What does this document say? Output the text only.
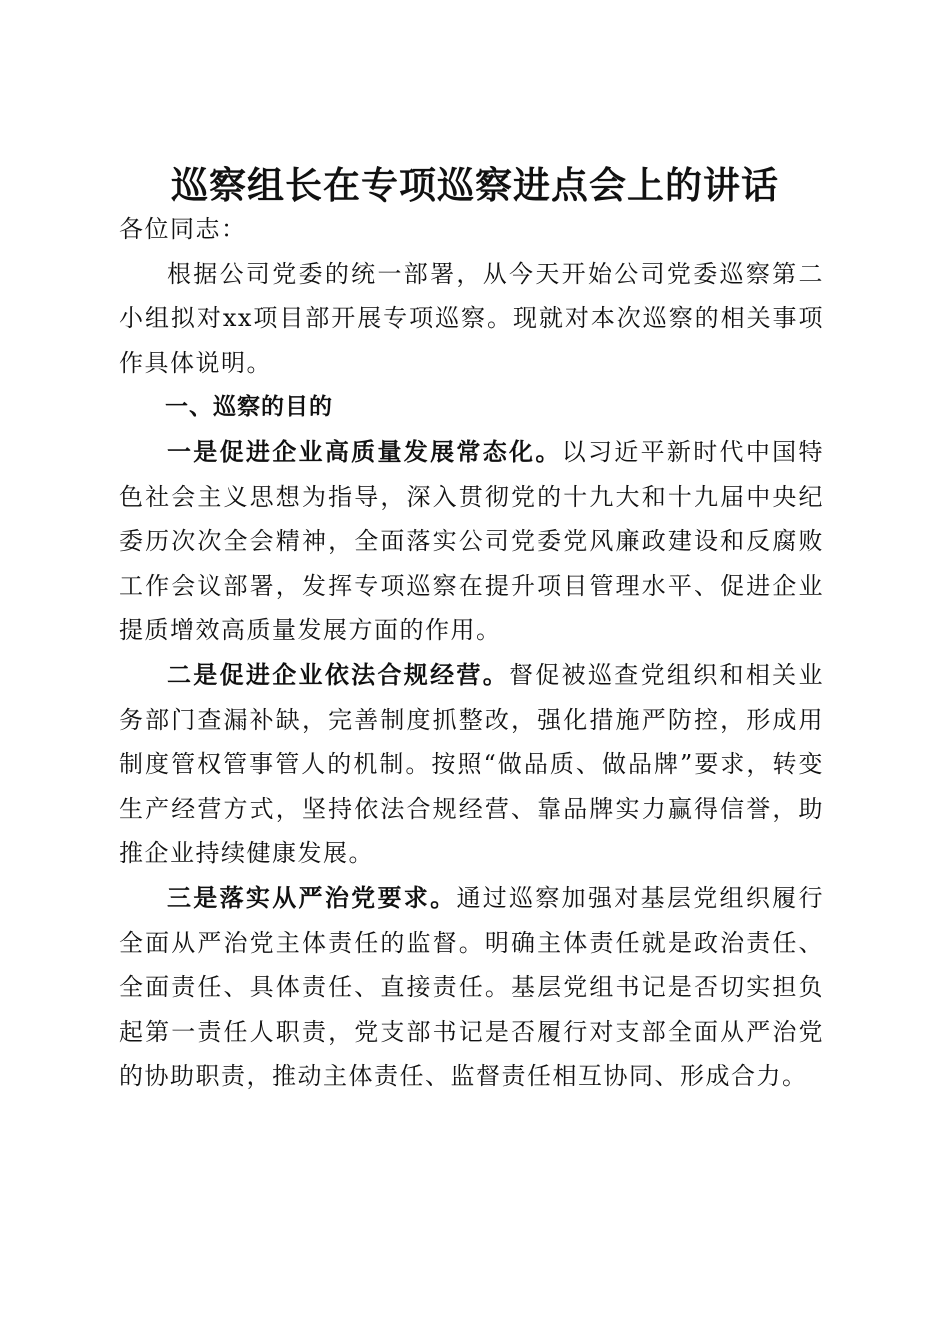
巡察组长在专项巡察进点会上的讲话

各位同志：

根据公司党委的统一部署，从今天开始公司党委巡察第二小组拟对xx项目部开展专项巡察。现就对本次巡察的相关事项作具体说明。

一、巡察的目的

一是促进企业高质量发展常态化。以习近平新时代中国特色社会主义思想为指导，深入贯彻党的十九大和十九届中央纪委历次次全会精神，全面落实公司党委党风廉政建设和反腐败工作会议部署，发挥专项巡察在提升项目管理水平、促进企业提质增效高质量发展方面的作用。

二是促进企业依法合规经营。督促被巡查党组织和相关业务部门查漏补缺，完善制度抓整改，强化措施严防控，形成用制度管权管事管人的机制。按照“做品质、做品牌”要求，转变生产经营方式，坚持依法合规经营、靠品牌实力赢得信誉，助推企业持续健康发展。

三是落实从严治党要求。通过巡察加强对基层党组织履行全面从严治党主体责任的监督。明确主体责任就是政治责任、全面责任、具体责任、直接责任。基层党组书记是否切实担负起第一责任人职责，党支部书记是否履行对支部全面从严治党的协助职责，推动主体责任、监督责任相互协同、形成合力。
